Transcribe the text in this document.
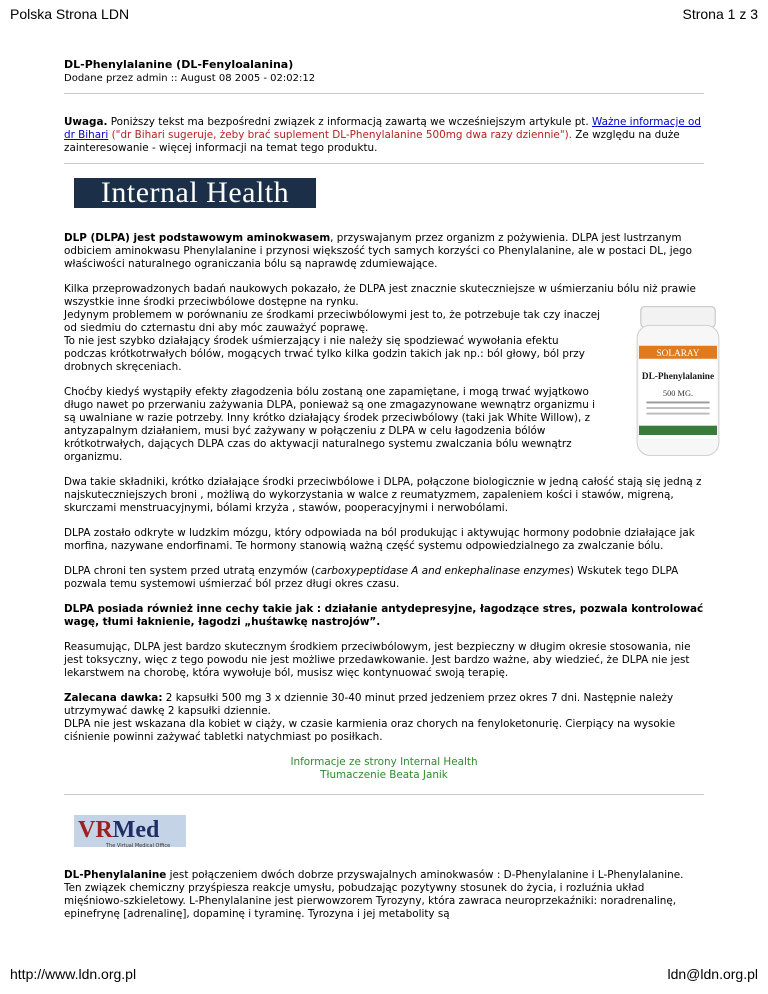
Polska Strona LDN	Strona 1 z 3
DL-Phenylalanine (DL-Fenyloalanina)
Dodane przez admin :: August 08 2005 - 02:02:12

Uwaga. Poniższy tekst ma bezpośredni związek z informacją zawartą we wcześniejszym artykule pt. Ważne informacje od dr Bihari ("dr Bihari sugeruje, żeby brać suplement DL-Phenylalanine 500mg dwa razy dziennie"). Ze względu na duże zainteresowanie - więcej informacji na temat tego produktu.

Internal Health

DLP (DLPA) jest podstawowym aminokwasem, przyswajanym przez organizm z pożywienia. DLPA jest lustrzanym odbiciem aminokwasu Phenylalanine i przynosi większość tych samych korzyści co Phenylalanine, ale w postaci DL, jego właściwości naturalnego ograniczania bólu są naprawdę zdumiewające.

SOLARAY
DL-Phenylalanine
500 MG.

Kilka przeprowadzonych badań naukowych pokazało, że DLPA jest znacznie skuteczniejsze w uśmierzaniu bólu niż prawie wszystkie inne środki przeciwbólowe dostępne na rynku.
Jedynym problemem w porównaniu ze środkami przeciwbólowymi jest to, że potrzebuje tak czy inaczej od siedmiu do czternastu dni aby móc zauważyć poprawę.
To nie jest szybko działający środek uśmierzający i nie należy się spodziewać wywołania efektu podczas krótkotrwałych bólów, mogących trwać tylko kilka godzin takich jak np.: ból głowy, ból przy drobnych skręceniach.

Choćby kiedyś wystąpiły efekty złagodzenia bólu zostaną one zapamiętane, i mogą trwać wyjątkowo długo nawet po przerwaniu zażywania DLPA, ponieważ są one zmagazynowane wewnątrz organizmu i są uwalniane w razie potrzeby. Inny krótko działający środek przeciwbólowy (taki jak White Willow), z antyzapalnym działaniem, musi być zażywany w połączeniu z DLPA w celu łagodzenia bólów krótkotrwałych, dających DLPA czas do aktywacji naturalnego systemu zwalczania bólu wewnątrz organizmu.

Dwa takie składniki, krótko działające środki przeciwbólowe i DLPA, połączone biologicznie w jedną całość stają się jedną z najskuteczniejszych broni , możliwą do wykorzystania w walce z reumatyzmem, zapaleniem kości i stawów, migreną, skurczami menstruacyjnymi, bólami krzyża , stawów, pooperacyjnymi i nerwobólami.

DLPA zostało odkryte w ludzkim mózgu, który odpowiada na ból produkując i aktywując hormony podobnie działające jak morfina, nazywane endorfinami. Te hormony stanowią ważną część systemu odpowiedzialnego za zwalczanie bólu.

DLPA chroni ten system przed utratą enzymów (carboxypeptidase A and enkephalinase enzymes) Wskutek tego DLPA pozwala temu systemowi uśmierzać ból przez długi okres czasu.

DLPA posiada również inne cechy takie jak : działanie antydepresyjne, łagodzące stres, pozwala kontrolować wagę, tłumi łaknienie, łagodzi „huśtawkę nastrojów”.

Reasumując, DLPA jest bardzo skutecznym środkiem przeciwbólowym, jest bezpieczny w długim okresie stosowania, nie jest toksyczny, więc z tego powodu nie jest możliwe przedawkowanie. Jest bardzo ważne, aby wiedzieć, że DLPA nie jest lekarstwem na chorobę, która wywołuje ból, musisz więc kontynuować swoją terapię.

Zalecana dawka: 2 kapsułki 500 mg 3 x dziennie 30-40 minut przed jedzeniem przez okres 7 dni. Następnie należy utrzymywać dawkę 2 kapsułki dziennie.
DLPA nie jest wskazana dla kobiet w ciąży, w czasie karmienia oraz chorych na fenyloketonurię. Cierpiący na wysokie ciśnienie powinni zażywać tabletki natychmiast po posiłkach.

Informacje ze strony Internal Health
Tłumaczenie Beata Janik
VRMed
The Virtual Medical Office

DL-Phenylalanine jest połączeniem dwóch dobrze przyswajalnych aminokwasów : D-Phenylalanine i L-Phenylalanine. Ten związek chemiczny przyśpiesza reakcje umysłu, pobudzając pozytywny stosunek do życia, i rozluźnia układ mięśniowo-szkieletowy. L-Phenylalanine jest pierwowzorem Tyrozyny, która zawraca neuroprzekaźniki: noradrenalinę, epinefrynę [adrenalinę], dopaminę i tyraminę. Tyrozyna i jej metabolity są

http://www.ldn.org.pl	ldn@ldn.org.pl
